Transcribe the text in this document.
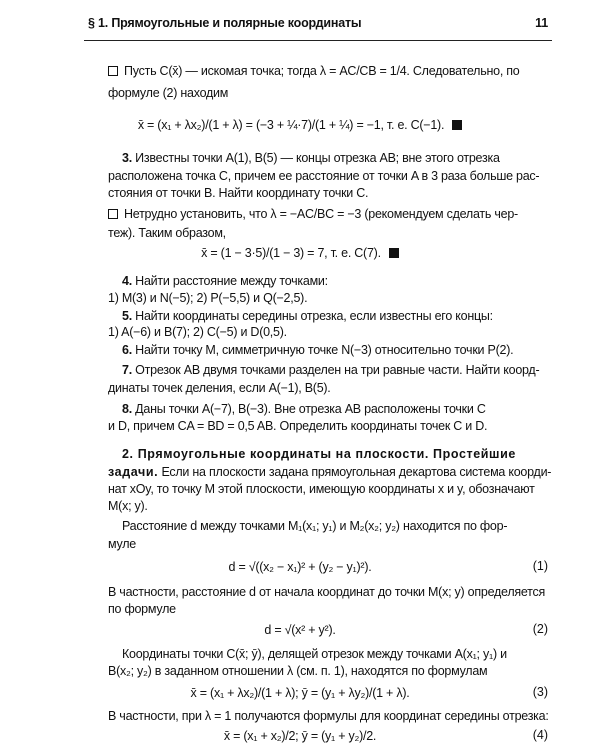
§ 1. Прямоугольные и полярные координаты	11
Пусть C(x̄) — искомая точка; тогда λ = AC/CB = 1/4. Следовательно, по
формуле (2) находим
x̄ = (x₁ + λx₂)/(1 + λ) = (−3 + ¼·7)/(1 + ¼) = −1, т. е. C(−1).
3. Известны точки A(1), B(5) — концы отрезка AB; вне этого отрезка
расположена точка C, причем ее расстояние от точки A в 3 раза больше рас-
стояния от точки B. Найти координату точки C.
Нетрудно установить, что λ = −AC/BC = −3 (рекомендуем сделать чер-
теж). Таким образом,
x̄ = (1 − 3·5)/(1 − 3) = 7, т. е. C(7).
4. Найти расстояние между точками:
1) M(3) и N(−5); 2) P(−5,5) и Q(−2,5).
5. Найти координаты середины отрезка, если известны его концы:
1) A(−6) и B(7); 2) C(−5) и D(0,5).
6. Найти точку M, симметричную точке N(−3) относительно точки P(2).
7. Отрезок AB двумя точками разделен на три равные части. Найти коорд-
динаты точек деления, если A(−1), B(5).
8. Даны точки A(−7), B(−3). Вне отрезка AB расположены точки C
и D, причем CA = BD = 0,5 AB. Определить координаты точек C и D.
2. Прямоугольные координаты на плоскости. Простейшие
задачи. Если на плоскости задана прямоугольная декартова система коорди-
нат xOy, то точку M этой плоскости, имеющую координаты x и y, обозначают
M(x; y).
Расстояние d между точками M₁(x₁; y₁) и M₂(x₂; y₂) находится по фор-
муле
d = √((x₂ − x₁)² + (y₂ − y₁)²).	(1)
В частности, расстояние d от начала координат до точки M(x; y) определяется
по формуле
d = √(x² + y²).	(2)
Координаты точки C(x̄; ȳ), делящей отрезок между точками A(x₁; y₁) и
B(x₂; y₂) в заданном отношении λ (см. п. 1), находятся по формулам
x̄ = (x₁ + λx₂)/(1 + λ); ȳ = (y₁ + λy₂)/(1 + λ).	(3)
В частности, при λ = 1 получаются формулы для координат середины отрезка:
x̄ = (x₁ + x₂)/2; ȳ = (y₁ + y₂)/2.	(4)
